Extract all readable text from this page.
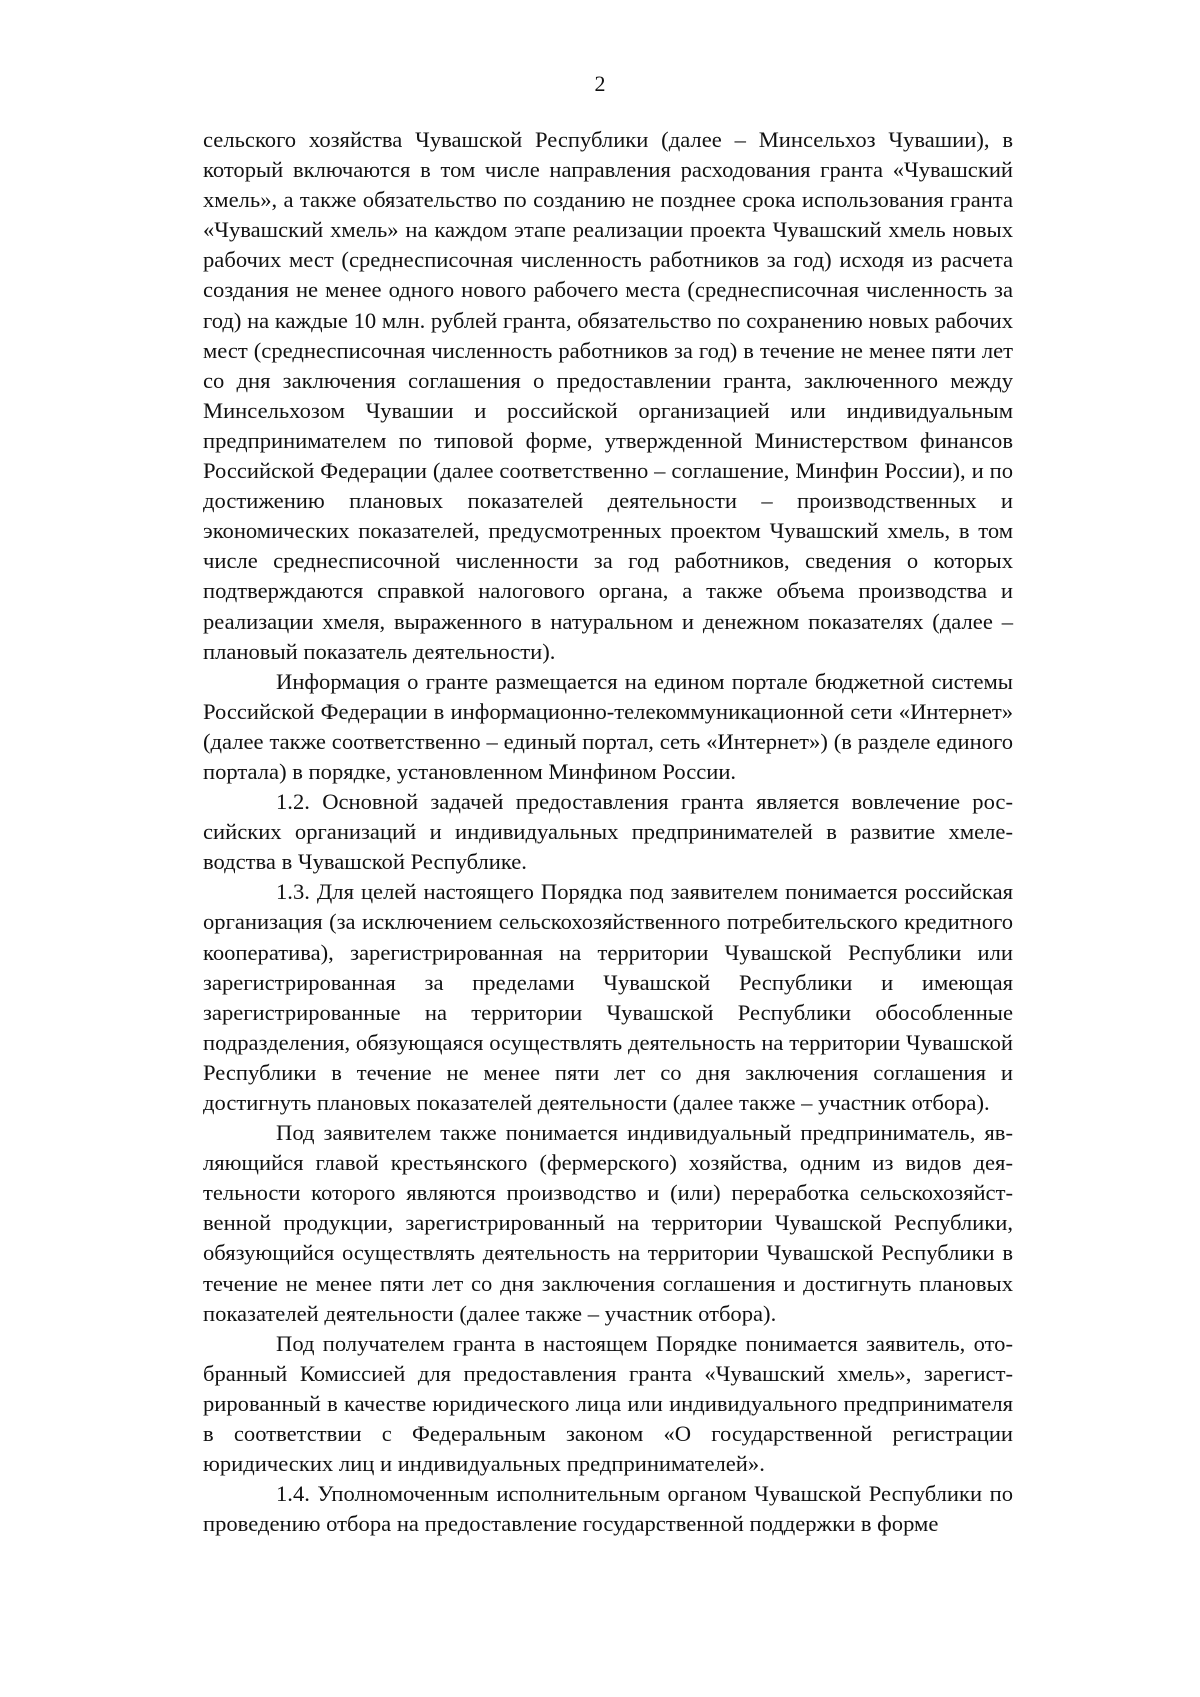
2

сельского хозяйства Чувашской Республики (далее – Минсельхоз Чувашии), в который включаются в том числе направления расходования гранта «Чувашский хмель», а также обязательство по созданию не позднее срока использования гранта «Чувашский хмель» на каждом этапе реализации проекта Чувашский хмель новых рабочих мест (среднесписочная численность работников за год) исходя из расчета создания не менее одного нового рабочего места (среднесписочная численность за год) на каждые 10 млн. рублей гранта, обязательство по сохранению новых рабочих мест (среднесписочная численность работников за год) в течение не менее пяти лет со дня заключения соглашения о предоставлении гранта, заключенного между Минсельхозом Чувашии и российской организацией или индивидуальным предпринимателем по типовой форме, утвержденной Министерством финансов Российской Федерации (далее соответственно – соглашение, Минфин России), и по достижению плановых показателей деятельности – производственных и экономических показателей, предусмотренных проектом Чувашский хмель, в том числе среднесписочной численности за год работников, сведения о которых подтверждаются справкой налогового органа, а также объема производства и реализации хмеля, выраженного в натуральном и денежном показателях (далее – плановый показатель деятельности).

Информация о гранте размещается на едином портале бюджетной системы Российской Федерации в информационно-телекоммуникационной сети «Интернет» (далее также соответственно – единый портал, сеть «Интернет») (в разделе единого портала) в порядке, установленном Минфином России.

1.2. Основной задачей предоставления гранта является вовлечение российских организаций и индивидуальных предпринимателей в развитие хмелеводства в Чувашской Республике.

1.3. Для целей настоящего Порядка под заявителем понимается российская организация (за исключением сельскохозяйственного потребительского кредитного кооператива), зарегистрированная на территории Чувашской Республики или зарегистрированная за пределами Чувашской Республики и имеющая зарегистрированные на территории Чувашской Республики обособленные подразделения, обязующаяся осуществлять деятельность на территории Чувашской Республики в течение не менее пяти лет со дня заключения соглашения и достигнуть плановых показателей деятельности (далее также – участник отбора).

Под заявителем также понимается индивидуальный предприниматель, являющийся главой крестьянского (фермерского) хозяйства, одним из видов деятельности которого являются производство и (или) переработка сельскохозяйственной продукции, зарегистрированный на территории Чувашской Республики, обязующийся осуществлять деятельность на территории Чувашской Республики в течение не менее пяти лет со дня заключения соглашения и достигнуть плановых показателей деятельности (далее также – участник отбора).

Под получателем гранта в настоящем Порядке понимается заявитель, отобранный Комиссией для предоставления гранта «Чувашский хмель», зарегистрированный в качестве юридического лица или индивидуального предпринимателя в соответствии с Федеральным законом «О государственной регистрации юридических лиц и индивидуальных предпринимателей».

1.4. Уполномоченным исполнительным органом Чувашской Республики по проведению отбора на предоставление государственной поддержки в форме
